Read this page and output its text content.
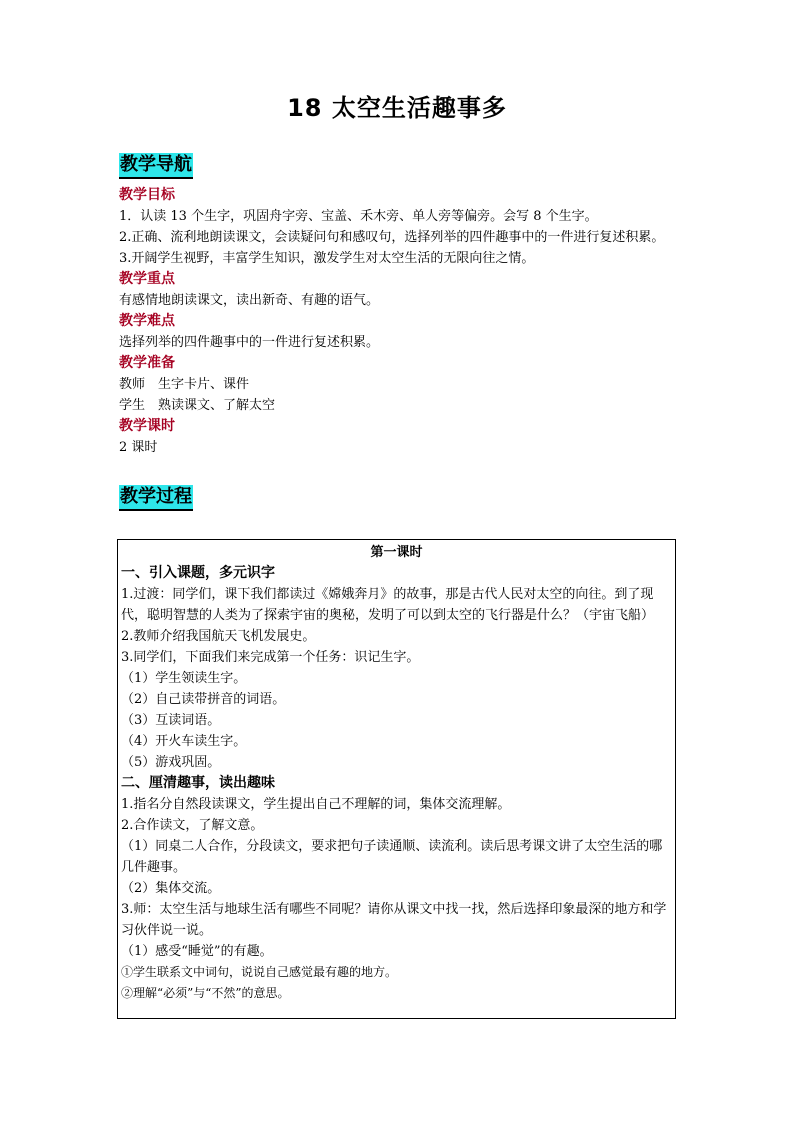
18 太空生活趣事多
教学导航
教学目标
1．认读 13 个生字，巩固舟字旁、宝盖、禾木旁、单人旁等偏旁。会写 8 个生字。
2.正确、流利地朗读课文，会读疑问句和感叹句，选择列举的四件趣事中的一件进行复述积累。
3.开阔学生视野，丰富学生知识，激发学生对太空生活的无限向往之情。
教学重点
有感情地朗读课文，读出新奇、有趣的语气。
教学难点
选择列举的四件趣事中的一件进行复述积累。
教学准备
教师　生字卡片、课件
学生　熟读课文、了解太空
教学课时
2 课时
教学过程
第一课时
一、引入课题，多元识字
1.过渡：同学们，课下我们都读过《嫦娥奔月》的故事，那是古代人民对太空的向往。到了现代，聪明智慧的人类为了探索宇宙的奥秘，发明了可以到太空的飞行器是什么？（宇宙飞船）
2.教师介绍我国航天飞机发展史。
3.同学们，下面我们来完成第一个任务：识记生字。
（1）学生领读生字。
（2）自己读带拼音的词语。
（3）互读词语。
（4）开火车读生字。
（5）游戏巩固。
二、厘清趣事，读出趣味
1.指名分自然段读课文，学生提出自己不理解的词，集体交流理解。
2.合作读文，了解文意。
（1）同桌二人合作，分段读文，要求把句子读通顺、读流利。读后思考课文讲了太空生活的哪几件趣事。
（2）集体交流。
3.师：太空生活与地球生活有哪些不同呢？请你从课文中找一找，然后选择印象最深的地方和学习伙伴说一说。
（1）感受“睡觉”的有趣。
①学生联系文中词句，说说自己感觉最有趣的地方。
②理解“必须”与“不然”的意思。
